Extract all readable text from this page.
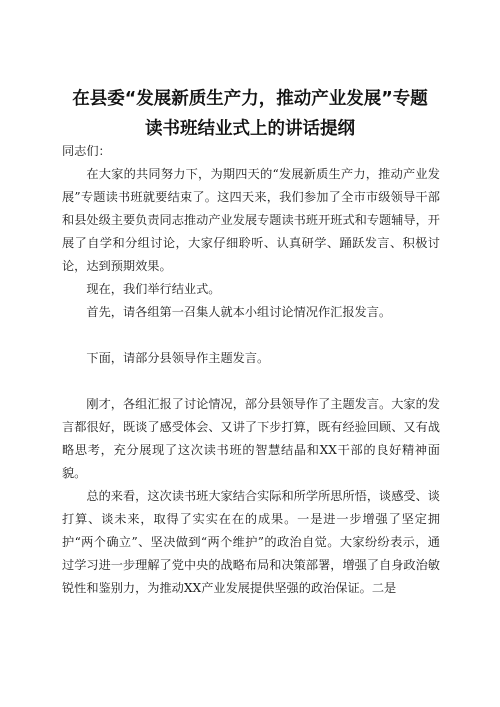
在县委“发展新质生产力，推动产业发展”专题
读书班结业式上的讲话提纲

同志们：

在大家的共同努力下，为期四天的“发展新质生产力，推动产业发展”专题读书班就要结束了。这四天来，我们参加了全市市级领导干部和县处级主要负责同志推动产业发展专题读书班开班式和专题辅导，开展了自学和分组讨论，大家仔细聆听、认真研学、踊跃发言、积极讨论，达到预期效果。

现在，我们举行结业式。

首先，请各组第一召集人就本小组讨论情况作汇报发言。

下面，请部分县领导作主题发言。

刚才，各组汇报了讨论情况，部分县领导作了主题发言。大家的发言都很好，既谈了感受体会、又讲了下步打算，既有经验回顾、又有战略思考，充分展现了这次读书班的智慧结晶和XX干部的良好精神面貌。

总的来看，这次读书班大家结合实际和所学所思所悟，谈感受、谈打算、谈未来，取得了实实在在的成果。一是进一步增强了坚定拥护“两个确立”、坚决做到“两个维护”的政治自觉。大家纷纷表示，通过学习进一步理解了党中央的战略布局和决策部署，增强了自身政治敏锐性和鉴别力，为推动XX产业发展提供坚强的政治保证。二是
